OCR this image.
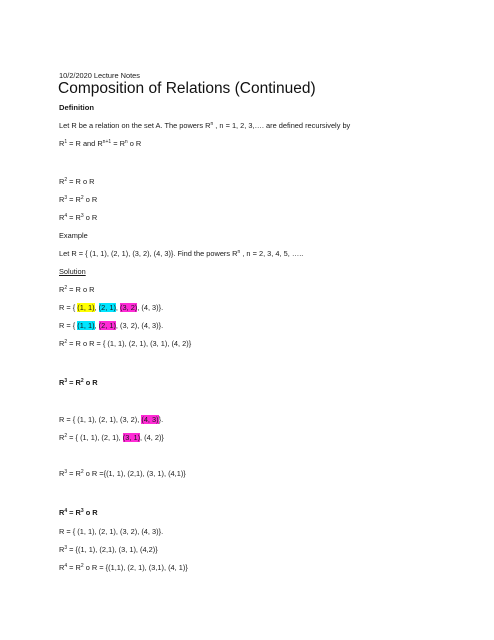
10/2/2020 Lecture Notes
Composition of Relations (Continued)
Definition
Let R be a relation on the set A. The powers $R^n$ , n = 1, 2, 3,…. are defined recursively by
$R^1 = R$ and $R^{n+1} = R^n$ o R
$R^2 = R$ o R
$R^3 = R^2$ o R
$R^4 = R^3$ o R
Example
Let R = { (1, 1), (2, 1), (3, 2), (4, 3)}. Find the powers $R^n$ , n = 2, 3, 4, 5, …..
Solution
$R^2 = R$ o R
R = { (1, 1), (2, 1), (3, 2), (4, 3)}.
R = { (1, 1), (2, 1), (3, 2), (4, 3)}.
$R^2 = R$ o R = { (1, 1), (2, 1), (3, 1), (4, 2)}
$R^3 = R^2$ o R
R = { (1, 1), (2, 1), (3, 2), (4, 3)}.
$R^2$ = { (1, 1), (2, 1), (3, 1), (4, 2)}
$R^3 = R^2$ o R ={(1, 1), (2,1), (3, 1), (4,1)}
$R^4 = R^3$ o R
R = { (1, 1), (2, 1), (3, 2), (4, 3)}.
$R^3 = \{(1$, 1), (2,1), (3, 1), (4,2)}
$R^4 = R^2$ o R = {(1,1), (2, 1), (3,1), (4, 1)}
